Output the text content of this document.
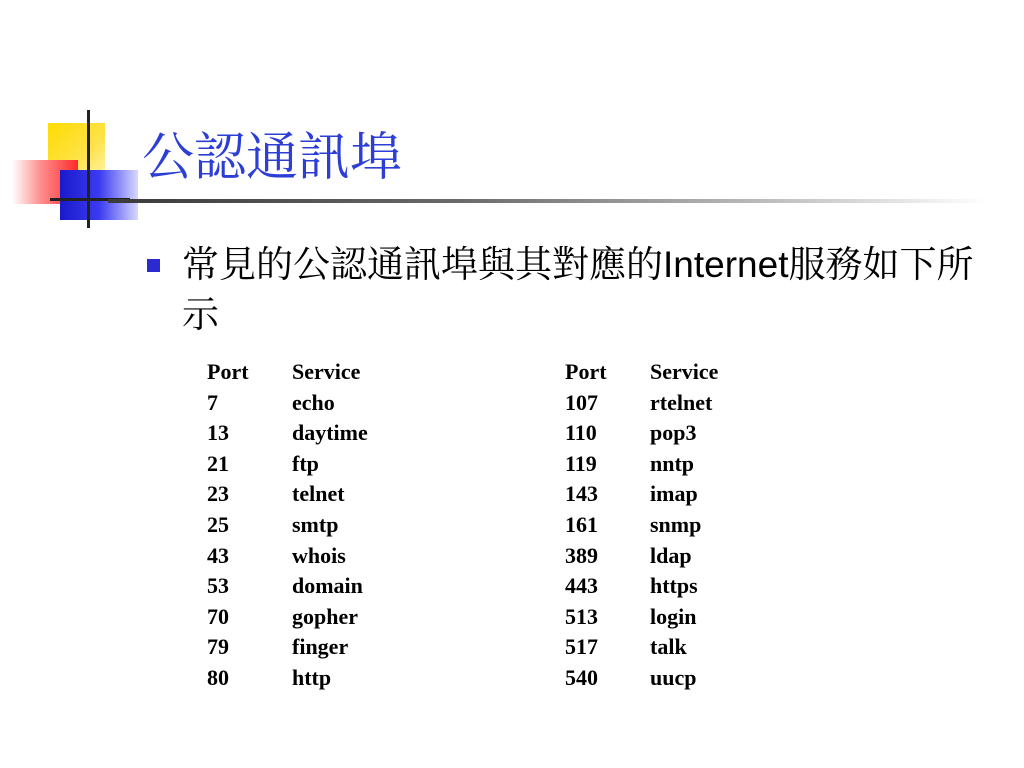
公認通訊埠

常見的公認通訊埠與其對應的Internet服務如下所示

Port	Service
7	echo
13	daytime
21	ftp
23	telnet
25	smtp
43	whois
53	domain
70	gopher
79	finger
80	http
Port	Service
107	rtelnet
110	pop3
119	nntp
143	imap
161	snmp
389	ldap
443	https
513	login
517	talk
540	uucp
